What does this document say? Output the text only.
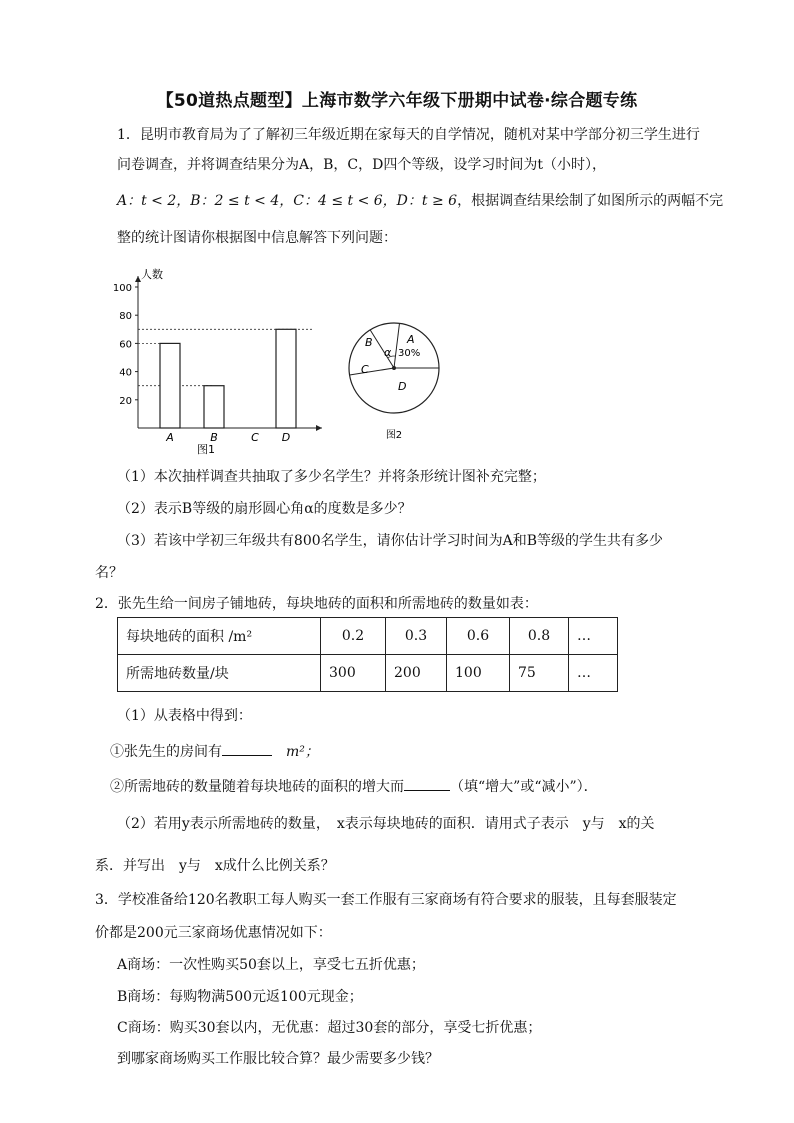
【50道热点题型】上海市数学六年级下册期中试卷·综合题专练
1．昆明市教育局为了了解初三年级近期在家每天的自学情况，随机对某中学部分初三学生进行
问卷调查，并将调查结果分为A，B，C，D四个等级，设学习时间为t（小时），
A：t < 2，B：2 ≤ t < 4，C：4 ≤ t < 6，D：t ≥ 6，根据调查结果绘制了如图所示的两幅不完
整的统计图请你根据图中信息解答下列问题：
人数
20
40
60
80
100
A	B	C D
图1
A
30%
B
α
C
D
图2
（1）本次抽样调查共抽取了多少名学生？并将条形统计图补充完整；
（2）表示B等级的扇形圆心角α的度数是多少？
（3）若该中学初三年级共有800名学生，请你估计学习时间为A和B等级的学生共有多少
名？
2．张先生给一间房子铺地砖，每块地砖的面积和所需地砖的数量如表：
每块地砖的面积 /m²	0.2	0.3	0.6	0.8	…
所需地砖数量/块	300	200	100	75	…
（1）从表格中得到：
①张先生的房间有	m²；
②所需地砖的数量随着每块地砖的面积的增大而	（填“增大”或“减小”）．
（2）若用y表示所需地砖的数量，　x表示每块地砖的面积．请用式子表示　y与　x的关
系．并写出　y与　x成什么比例关系？
3．学校准备给120名教职工每人购买一套工作服有三家商场有符合要求的服装，且每套服装定
价都是200元三家商场优惠情况如下：
A商场：一次性购买50套以上，享受七五折优惠；
B商场：每购物满500元返100元现金；
C商场：购买30套以内，无优惠：超过30套的部分，享受七折优惠；
到哪家商场购买工作服比较合算？最少需要多少钱？
